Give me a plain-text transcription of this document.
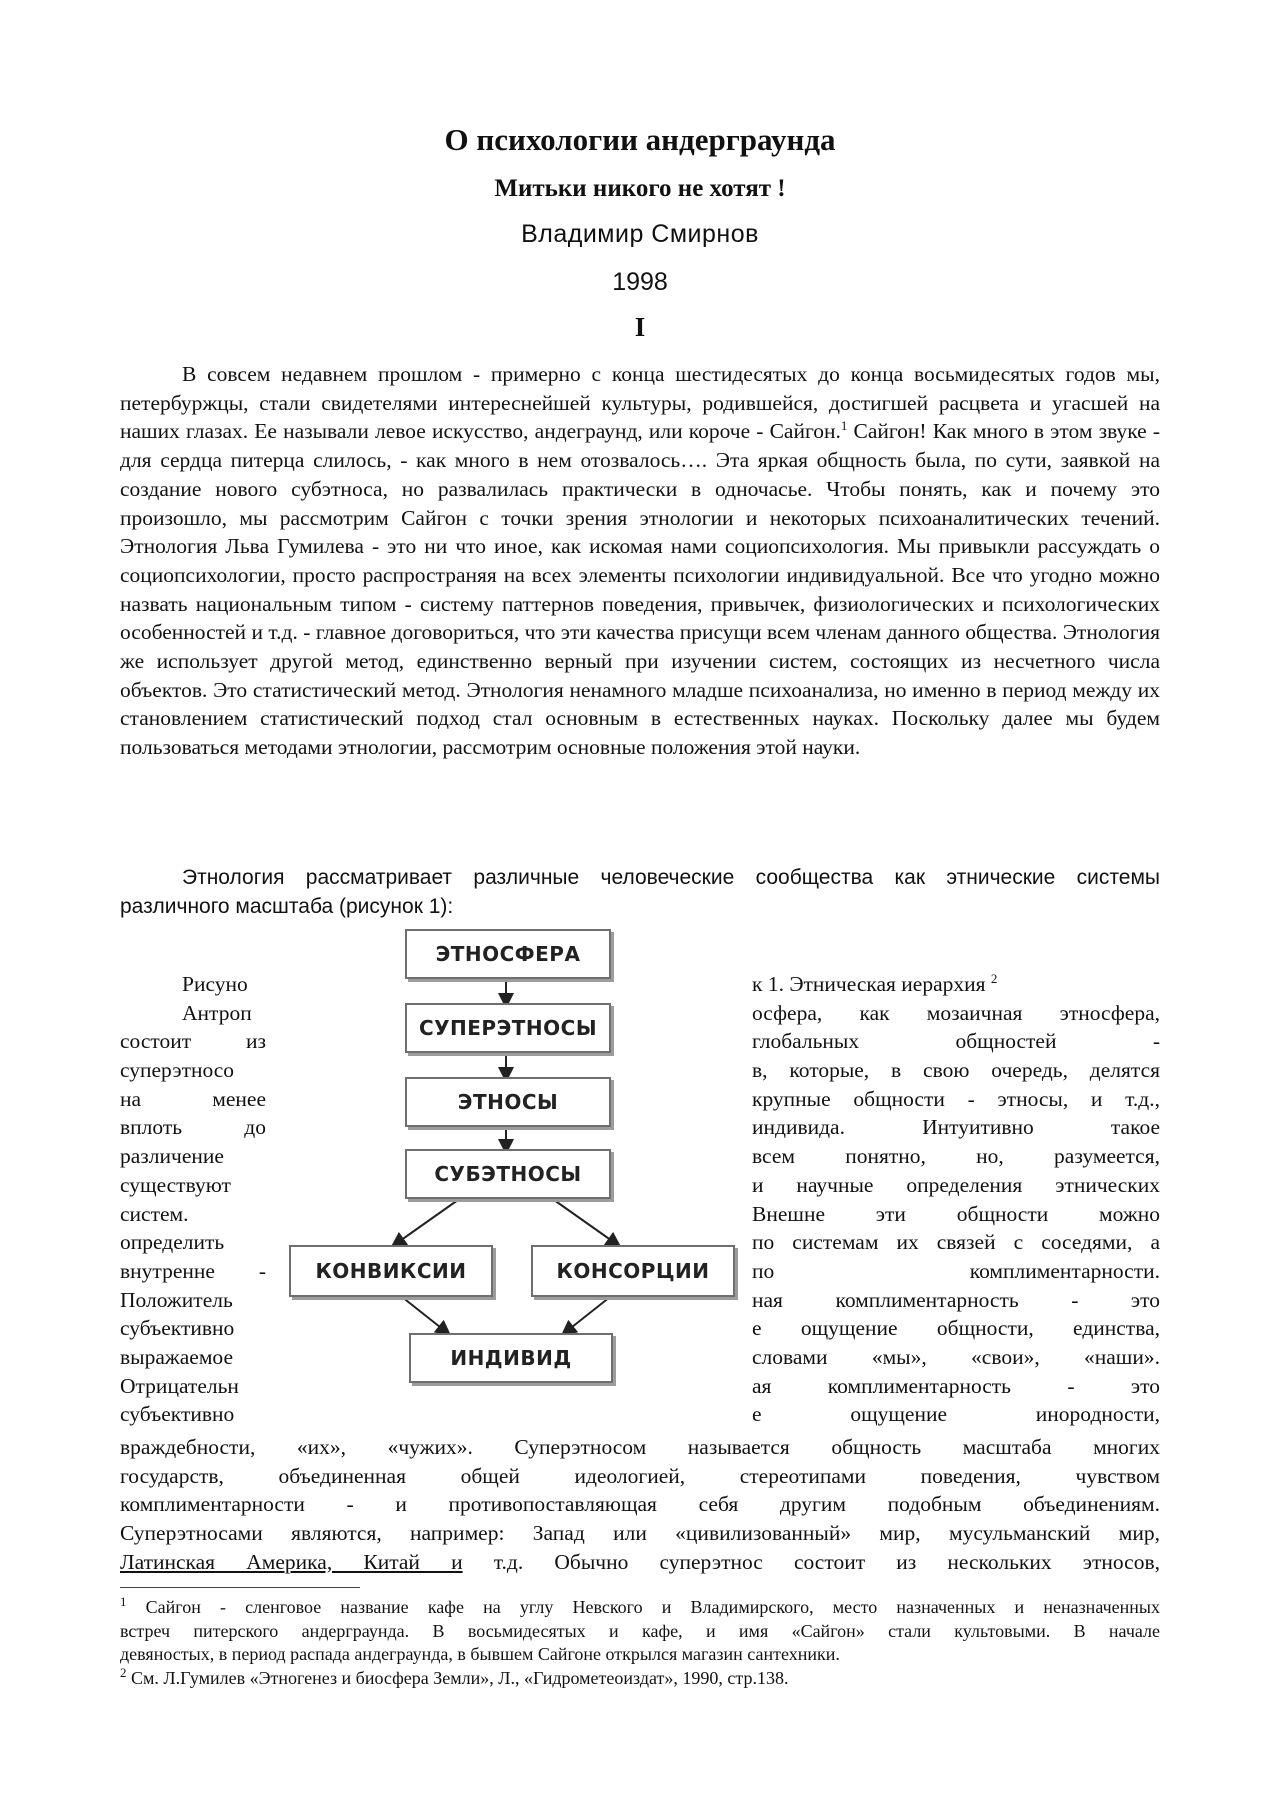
О психологии андерграунда
Митьки никого не хотят !
Владимир Смирнов
1998
I

В совсем недавнем прошлом - примерно с конца шестидесятых до конца восьмидесятых годов мы, петербуржцы, стали свидетелями интереснейшей культуры, родившейся, достигшей расцвета и угасшей на наших глазах. Ее называли левое искусство, андеграунд, или короче - Сайгон.$^1$ Сайгон! Как много в этом звуке - для сердца питерца слилось, - как много в нем отозвалось…. Эта яркая общность была, по сути, заявкой на создание нового субэтноса, но развалилась практически в одночасье. Чтобы понять, как и почему это произошло, мы рассмотрим Сайгон с точки зрения этнологии и некоторых психоаналитических течений. Этнология Льва Гумилева - это ни что иное, как искомая нами социопсихология. Мы привыкли рассуждать о социопсихологии, просто распространяя на всех элементы психологии индивидуальной. Все что угодно можно назвать национальным типом - систему паттернов поведения, привычек, физиологических и психологических особенностей и т.д. - главное договориться, что эти качества присущи всем членам данного общества. Этнология же использует другой метод, единственно верный при изучении систем, состоящих из несчетного числа объектов. Это статистический метод. Этнология ненамного младше психоанализа, но именно в период между их становлением статистический подход стал основным в естественных науках. Поскольку далее мы будем пользоваться методами этнологии, рассмотрим основные положения этой науки.

Этнология рассматривает различные человеческие сообщества как этнические системы различного масштаба (рисунок 1):

ЭТНОСФЕРА
СУПЕРЭТНОСЫ
ЭТНОСЫ
СУБЭТНОСЫ
КОНВИКСИИ	КОНСОРЦИИ
ИНДИВИД
Рисуно
Антроп
состоит из
суперэтносо
на менее
вплоть до
различение
существуют
систем.
определить
внутренне -
Положитель
субъективно
выражаемое
Отрицательн
субъективно
к 1. Этническая иерархия $^2$
осфера, как мозаичная этносфера,
глобальных общностей -
в, которые, в свою очередь, делятся
крупные общности - этносы, и т.д.,
индивида. Интуитивно такое
всем понятно, но, разумеется,
и научные определения этнических
Внешне эти общности можно
по системам их связей с соседями, а
по комплиментарности.
ная комплиментарность - это
е ощущение общности, единства,
словами «мы», «свои», «наши».
ая комплиментарность - это
е ощущение инородности,
враждебности, «их», «чужих». Суперэтносом называется общность масштаба многих
государств, объединенная общей идеологией, стереотипами поведения, чувством
комплиментарности - и противопоставляющая себя другим подобным объединениям.
Суперэтносами являются, например: Запад или «цивилизованный» мир, мусульманский мир,
Латинская Америка, Китай и т.д. Обычно суперэтнос состоит из нескольких этносов,
$^1$ Сайгон - сленговое название кафе на углу Невского и Владимирского, место назначенных и неназначенных
встреч питерского андерграунда. В восьмидесятых и кафе, и имя «Сайгон» стали культовыми. В начале
девяностых, в период распада андеграунда, в бывшем Сайгоне открылся магазин сантехники.
$^2$ См. Л.Гумилев «Этногенез и биосфера Земли», Л., «Гидрометеоиздат», 1990, стр.138.
